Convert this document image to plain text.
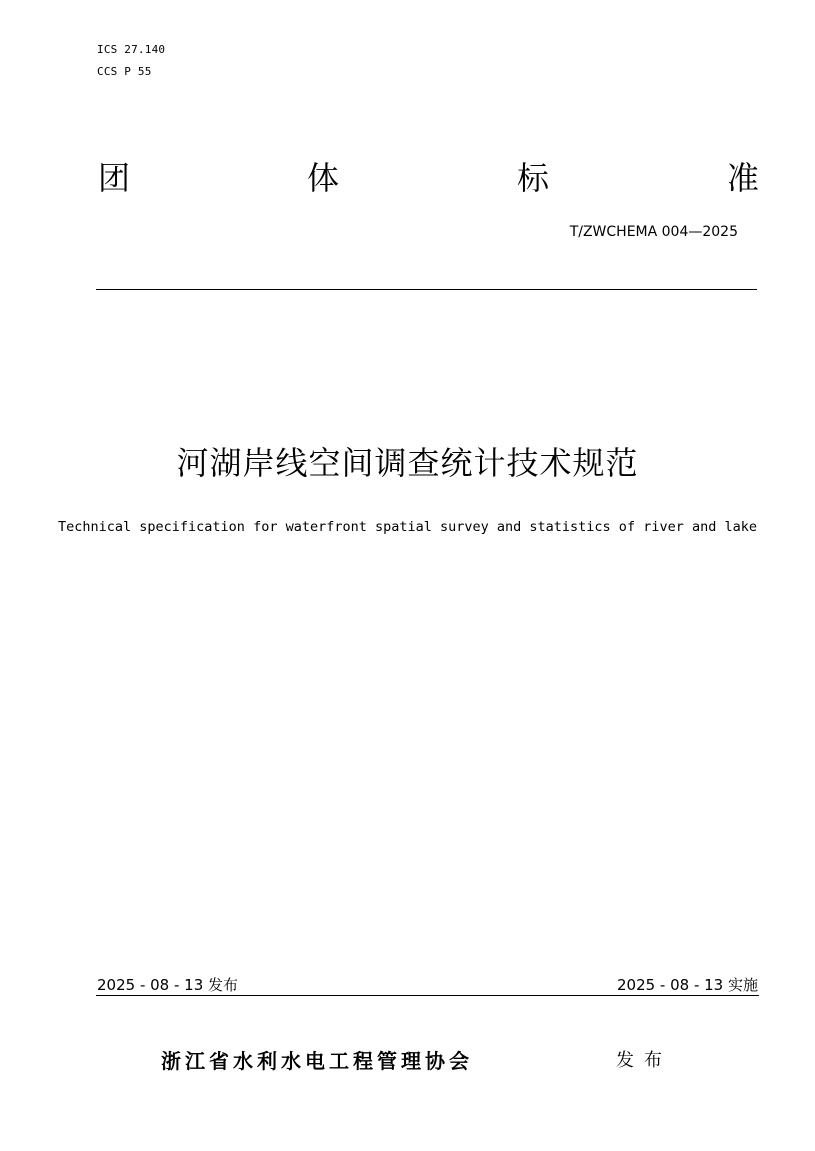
ICS 27.140
CCS P 55
团	体	标	准
T/ZWCHEMA 004—2025
河湖岸线空间调查统计技术规范
Technical specification for waterfront spatial survey and statistics of river and lake
2025 - 08 - 13 发布	2025 - 08 - 13 实施
浙江省水利水电工程管理协会	发布
